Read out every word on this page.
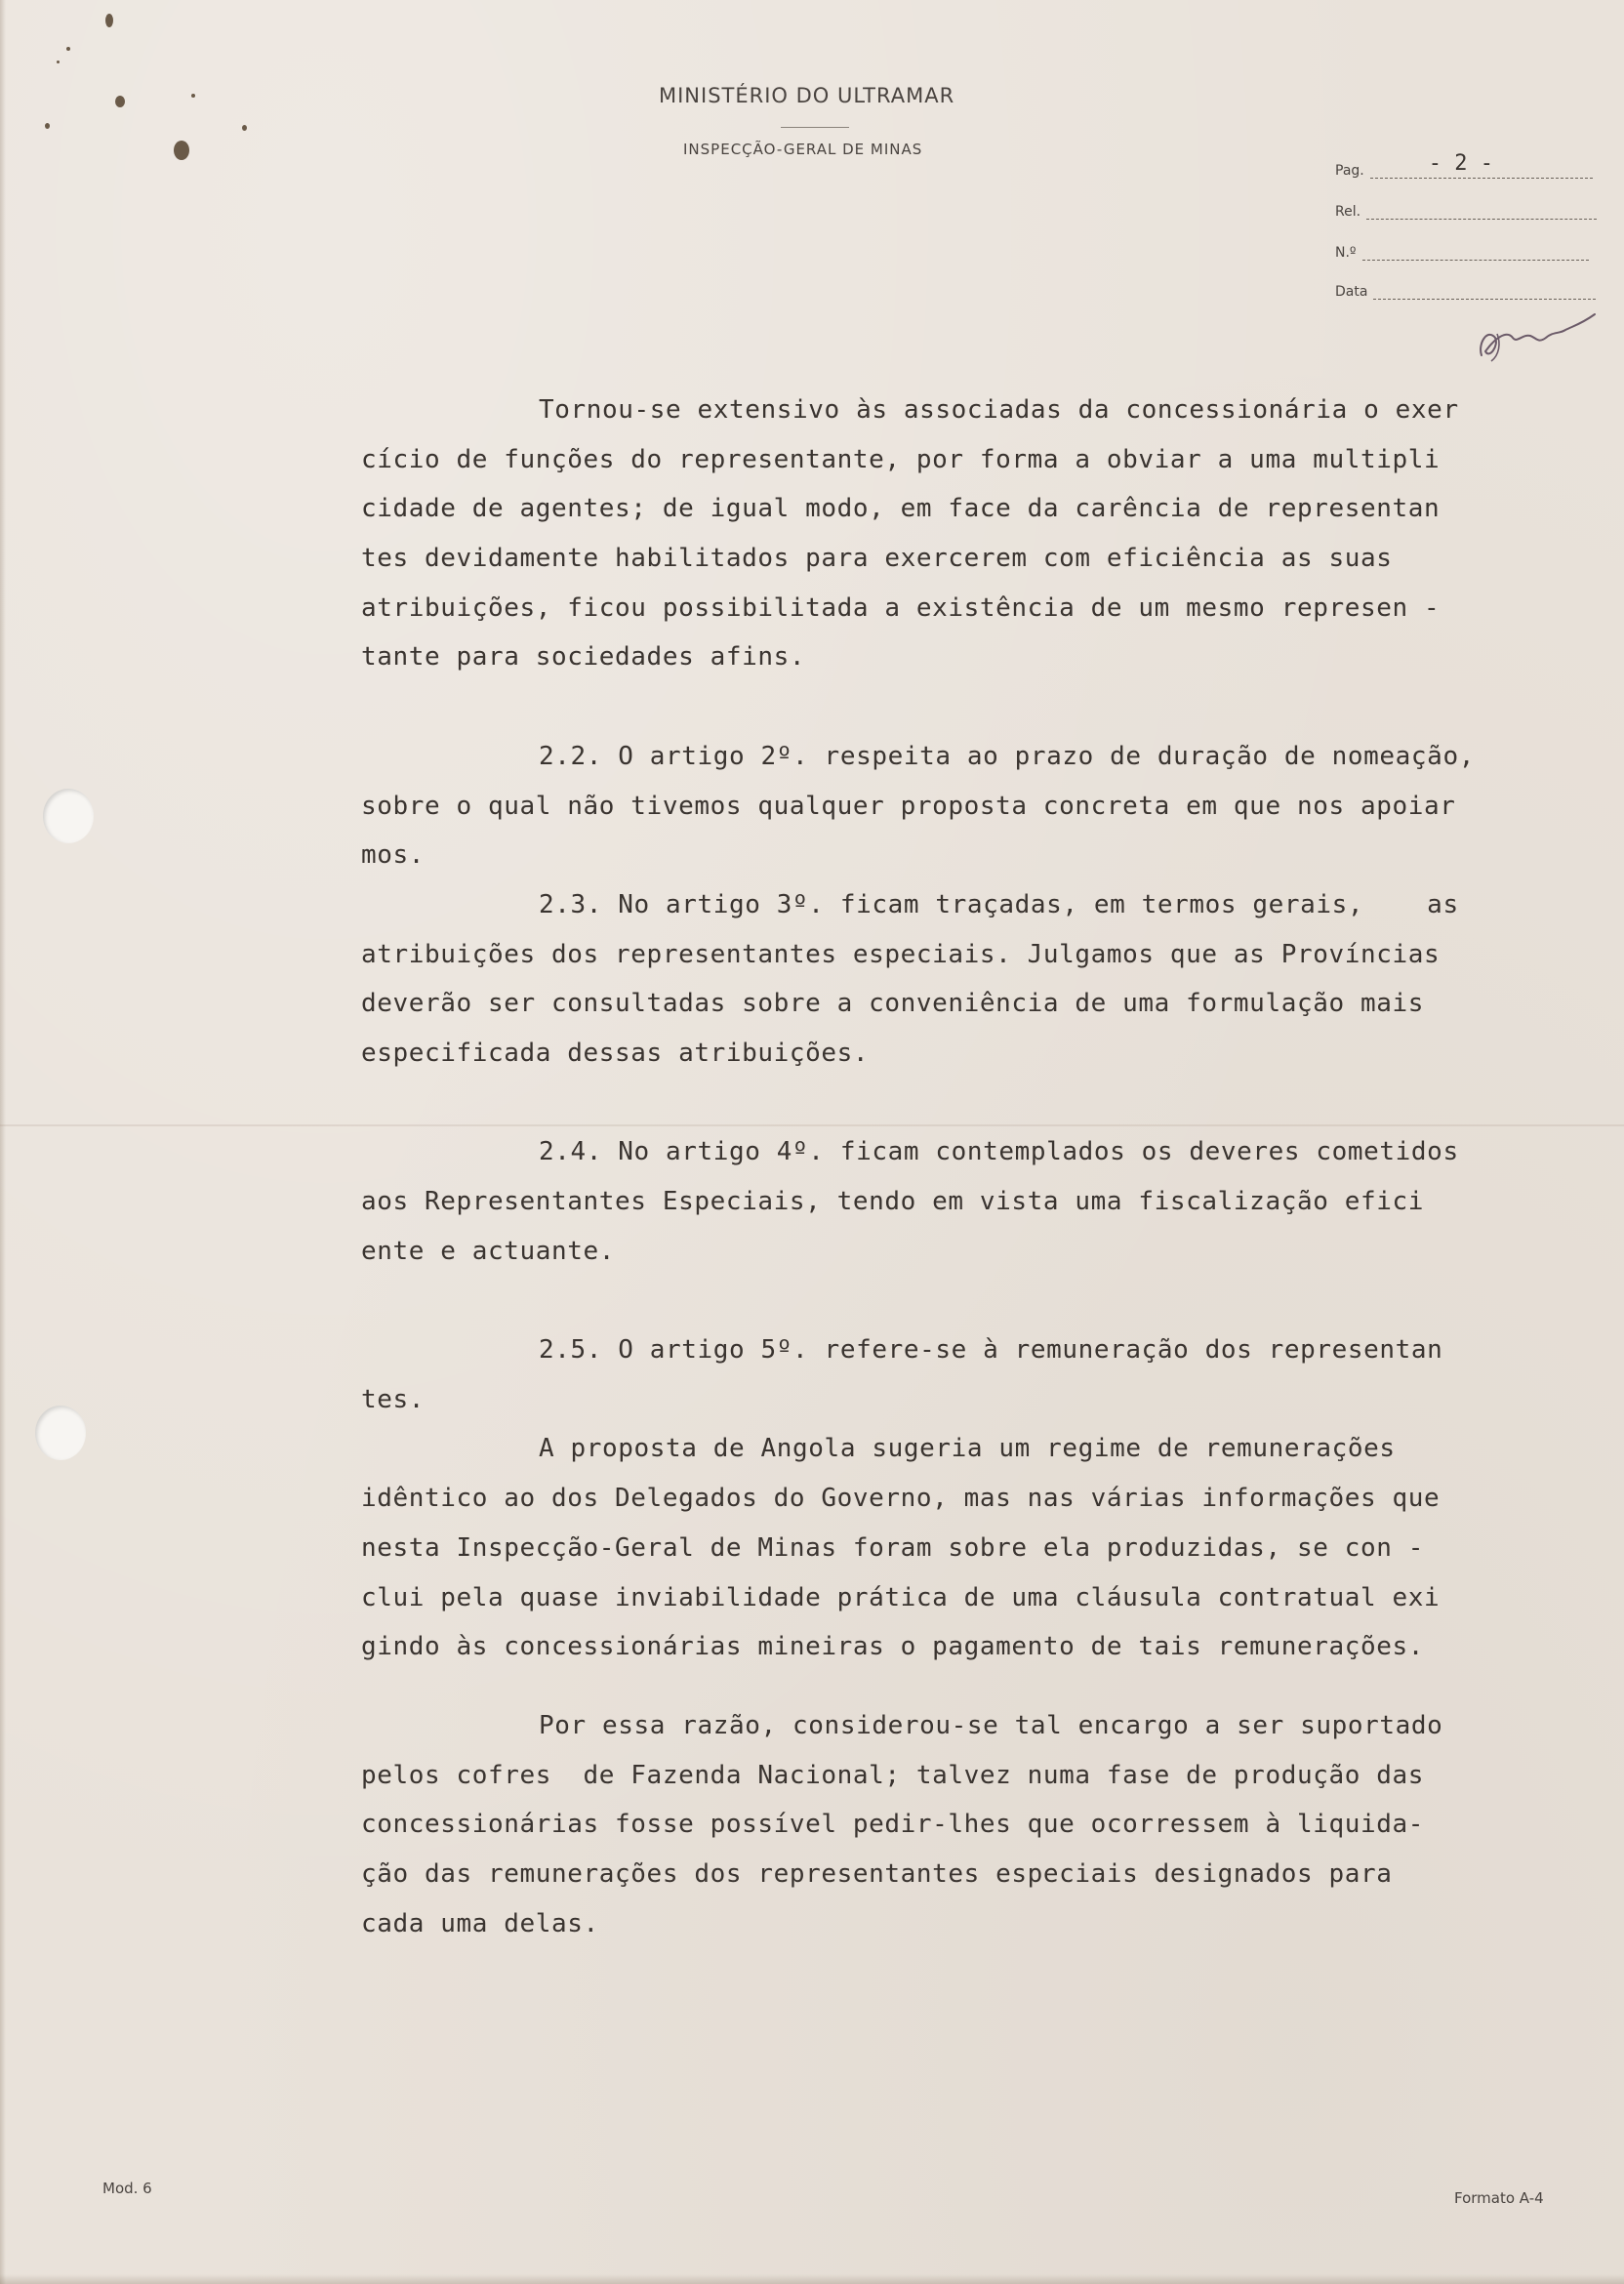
MINISTÉRIO DO ULTRAMAR
INSPECÇÃO-GERAL DE MINAS
Pag.	- 2 -
Rel.
N.º
Data
Tornou-se extensivo às associadas da concessionária o exer
cício de funções do representante, por forma a obviar a uma multipli
cidade de agentes; de igual modo, em face da carência de representan
tes devidamente habilitados para exercerem com eficiência as suas
atribuições, ficou possibilitada a existência de um mesmo represen -
tante para sociedades afins.
2.2. O artigo 2º. respeita ao prazo de duração de nomeação,
sobre o qual não tivemos qualquer proposta concreta em que nos apoiar
mos.
2.3. No artigo 3º. ficam traçadas, em termos gerais,    as
atribuições dos representantes especiais. Julgamos que as Províncias
deverão ser consultadas sobre a conveniência de uma formulação mais
especificada dessas atribuições.
2.4. No artigo 4º. ficam contemplados os deveres cometidos
aos Representantes Especiais, tendo em vista uma fiscalização efici
ente e actuante.
2.5. O artigo 5º. refere-se à remuneração dos representan
tes.
A proposta de Angola sugeria um regime de remunerações
idêntico ao dos Delegados do Governo, mas nas várias informações que
nesta Inspecção-Geral de Minas foram sobre ela produzidas, se con -
clui pela quase inviabilidade prática de uma cláusula contratual exi
gindo às concessionárias mineiras o pagamento de tais remunerações.
Por essa razão, considerou-se tal encargo a ser suportado
pelos cofres  de Fazenda Nacional; talvez numa fase de produção das
concessionárias fosse possível pedir-lhes que ocorressem à liquida-
ção das remunerações dos representantes especiais designados para
cada uma delas.
Mod. 6
Formato A-4
